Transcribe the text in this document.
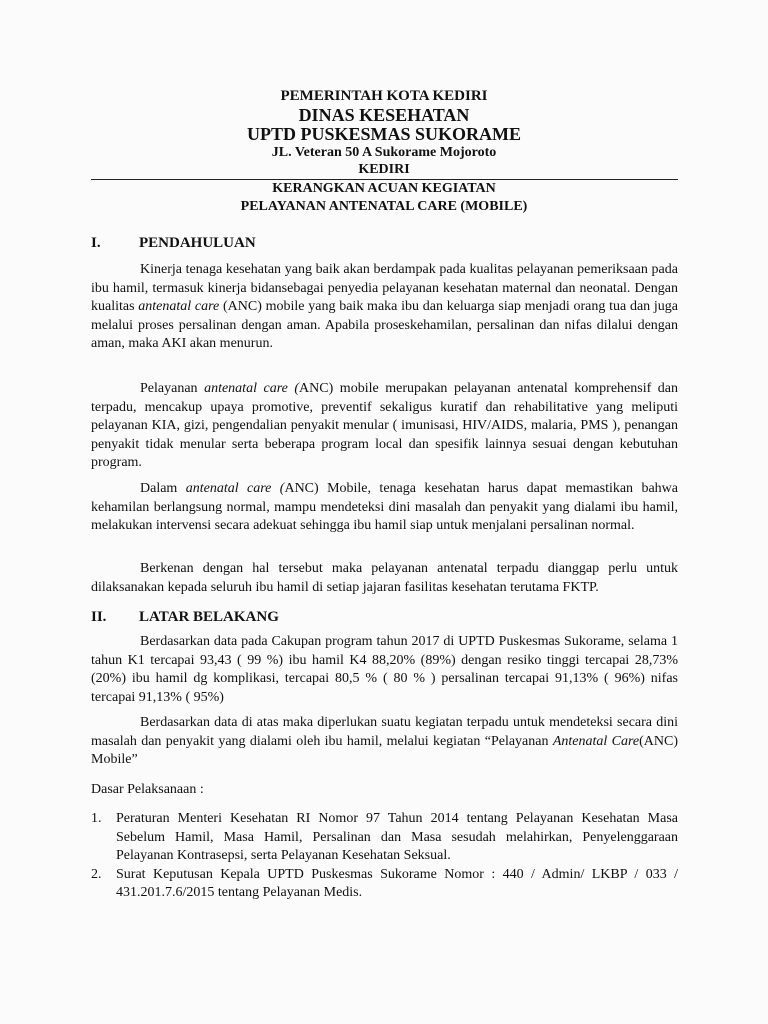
PEMERINTAH KOTA KEDIRI
DINAS KESEHATAN
UPTD PUSKESMAS SUKORAME
JL. Veteran 50 A Sukorame Mojoroto
KEDIRI
KERANGKAN ACUAN KEGIATAN
PELAYANAN ANTENATAL CARE (MOBILE)
I.	PENDAHULUAN

Kinerja tenaga kesehatan yang baik akan berdampak pada kualitas pelayanan pemeriksaan pada ibu hamil, termasuk kinerja bidansebagai penyedia pelayanan kesehatan maternal dan neonatal. Dengan kualitas antenatal care (ANC) mobile yang baik maka ibu dan keluarga siap menjadi orang tua dan juga melalui proses persalinan dengan aman. Apabila proseskehamilan, persalinan dan nifas dilalui dengan aman, maka AKI akan menurun.

Pelayanan antenatal care (ANC) mobile merupakan pelayanan antenatal komprehensif dan terpadu, mencakup upaya promotive, preventif sekaligus kuratif dan rehabilitative yang meliputi pelayanan KIA, gizi, pengendalian penyakit menular ( imunisasi, HIV/AIDS, malaria, PMS ), penangan penyakit tidak menular serta beberapa program local dan spesifik lainnya sesuai dengan kebutuhan program.

Dalam antenatal care (ANC) Mobile, tenaga kesehatan harus dapat memastikan bahwa kehamilan berlangsung normal, mampu mendeteksi dini masalah dan penyakit yang dialami ibu hamil, melakukan intervensi secara adekuat sehingga ibu hamil siap untuk menjalani persalinan normal.

Berkenan dengan hal tersebut maka pelayanan antenatal terpadu dianggap perlu untuk dilaksanakan kepada seluruh ibu hamil di setiap jajaran fasilitas kesehatan terutama FKTP.

II. LATAR BELAKANG

Berdasarkan data pada Cakupan program tahun 2017 di UPTD Puskesmas Sukorame, selama 1 tahun K1 tercapai 93,43 ( 99 %) ibu hamil K4 88,20% (89%) dengan resiko tinggi tercapai 28,73% (20%) ibu hamil dg komplikasi, tercapai 80,5 % ( 80 % ) persalinan tercapai 91,13% ( 96%) nifas tercapai 91,13% ( 95%)

Berdasarkan data di atas maka diperlukan suatu kegiatan terpadu untuk mendeteksi secara dini masalah dan penyakit yang dialami oleh ibu hamil, melalui kegiatan “Pelayanan Antenatal Care(ANC) Mobile”

Dasar Pelaksanaan :
1. Peraturan Menteri Kesehatan RI Nomor 97 Tahun 2014 tentang Pelayanan Kesehatan Masa Sebelum Hamil, Masa Hamil, Persalinan dan Masa sesudah melahirkan, Penyelenggaraan Pelayanan Kontrasepsi, serta Pelayanan Kesehatan Seksual.
2. Surat Keputusan Kepala UPTD Puskesmas Sukorame Nomor : 440 / Admin/ LKBP / 033 / 431.201.7.6/2015 tentang Pelayanan Medis.
